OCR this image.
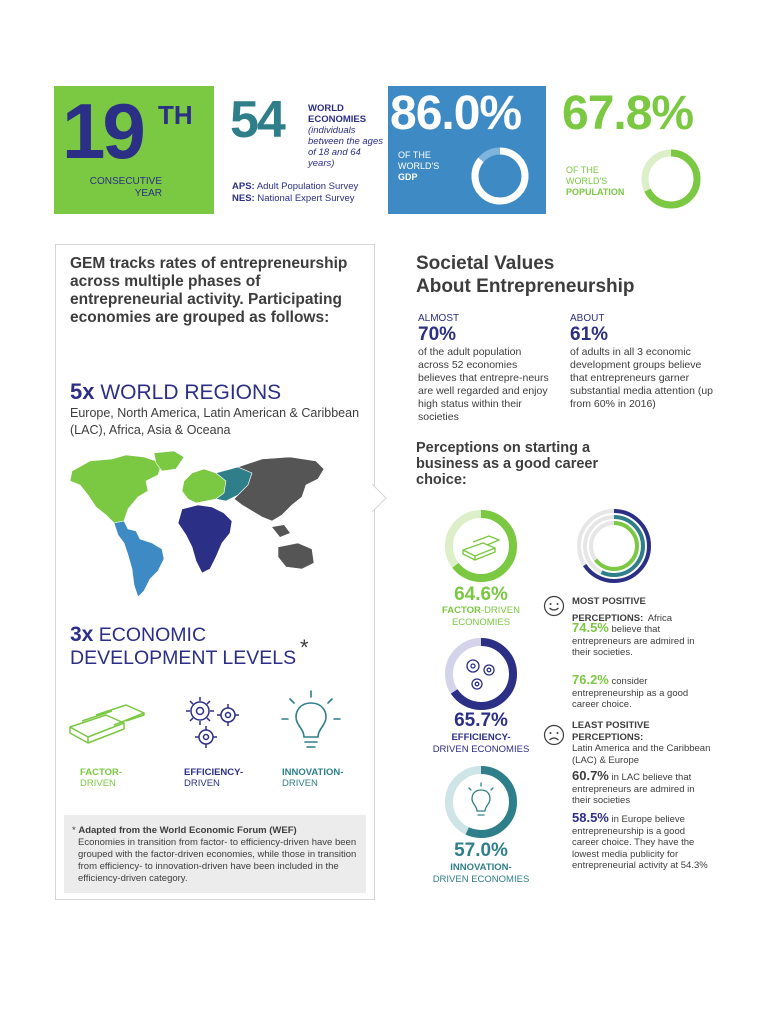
19 TH
CONSECUTIVE
YEAR
54	WORLD
ECONOMIES
(individuals between the ages of 18 and 64 years)
APS: Adult Population Survey
NES: National Expert Survey
86.0%
OF THE
WORLD'S
GDP
67.8%
OF THE
WORLD'S
POPULATION
GEM tracks rates of entrepreneurship across multiple phases of entrepreneurial activity. Participating economies are grouped as follows:
5x WORLD REGIONS
Europe, North America, Latin American & Caribbean (LAC), Africa, Asia & Oceana
3x ECONOMIC
DEVELOPMENT LEVELS *
FACTOR-
DRIVEN
EFFICIENCY-
DRIVEN
INNOVATION-
DRIVEN
* Adapted from the World Economic Forum (WEF)
Economies in transition from factor- to efficiency-driven have been grouped with the factor-driven economies, while those in transition from efficiency- to innovation-driven have been included in the efficiency-driven category.
Societal Values
About Entrepreneurship
ALMOST
70%
of the adult population across 52 economies believes that entrepre-neurs are well regarded and enjoy high status within their societies
ABOUT
61%
of adults in all 3 economic development groups believe that entrepreneurs garner substantial media attention (up from 60% in 2016)
Perceptions on starting a business as a good career choice:
64.6%
FACTOR-DRIVEN
ECONOMIES
65.7%
EFFICIENCY-
DRIVEN ECONOMIES
57.0%
INNOVATION-
DRIVEN ECONOMIES
MOST POSITIVE
PERCEPTIONS: Africa
74.5% believe that entrepreneurs are admired in their societies.
76.2% consider entrepreneurship as a good career choice.
LEAST POSITIVE
PERCEPTIONS:
Latin America and the Caribbean (LAC) & Europe
60.7% in LAC believe that entrepreneurs are admired in their societies
58.5% in Europe believe entrepreneurship is a good career choice. They have the lowest media publicity for entrepreneurial activity at 54.3%
